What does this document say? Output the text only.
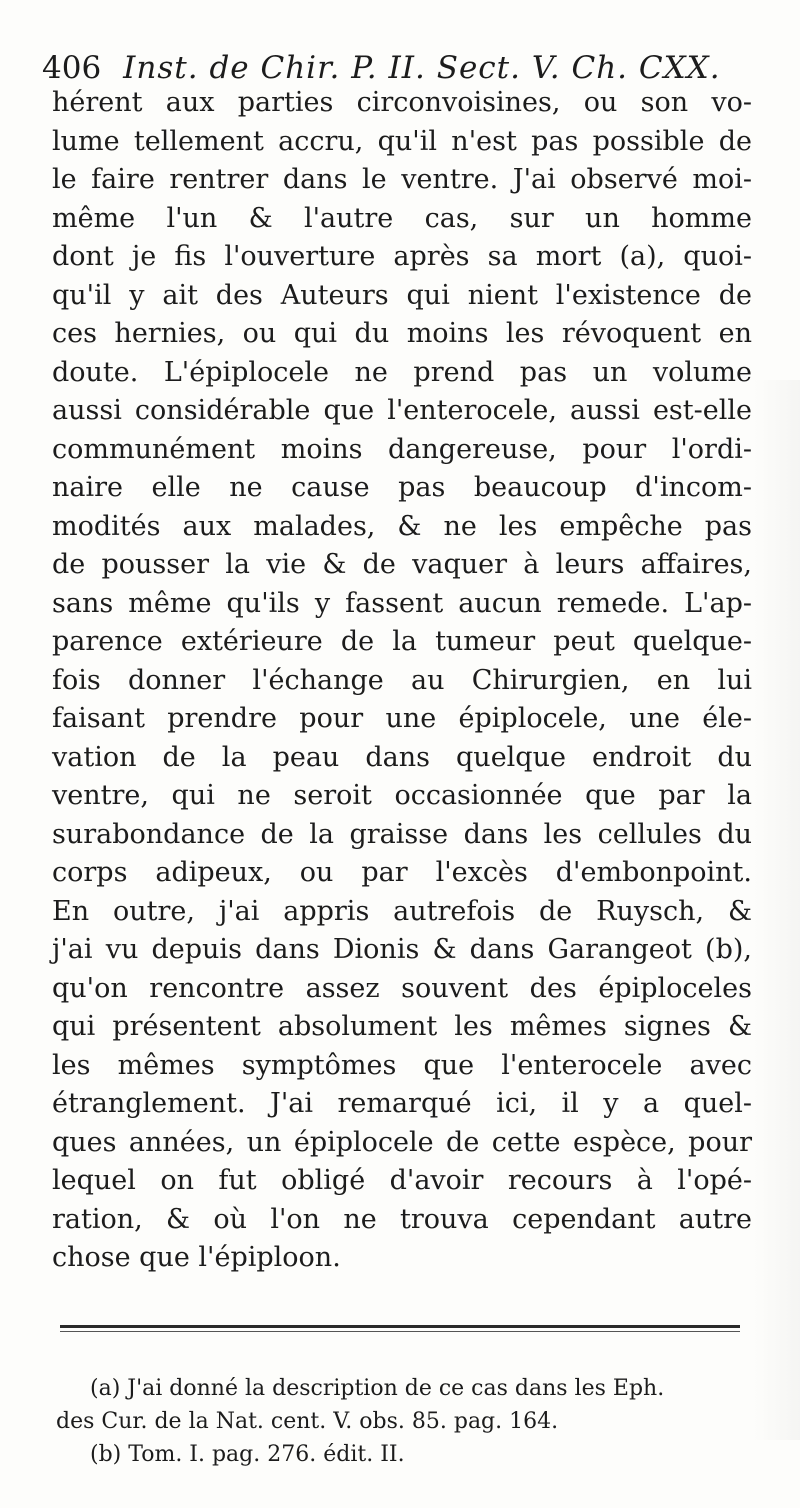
406 Inst. de Chir. P. II. Sect. V. Ch. CXX.
hérent aux parties circonvoisines, ou son vo-
lume tellement accru, qu'il n'est pas possible de
le faire rentrer dans le ventre. J'ai observé moi-
même l'un & l'autre cas, sur un homme
dont je fis l'ouverture après sa mort (a), quoi-
qu'il y ait des Auteurs qui nient l'existence de
ces hernies, ou qui du moins les révoquent en
doute. L'épiplocele ne prend pas un volume
aussi considérable que l'enterocele, aussi est-elle
communément moins dangereuse, pour l'ordi-
naire elle ne cause pas beaucoup d'incom-
modités aux malades, & ne les empêche pas
de pousser la vie & de vaquer à leurs affaires,
sans même qu'ils y fassent aucun remede. L'ap-
parence extérieure de la tumeur peut quelque-
fois donner l'échange au Chirurgien, en lui
faisant prendre pour une épiplocele, une éle-
vation de la peau dans quelque endroit du
ventre, qui ne seroit occasionnée que par la
surabondance de la graisse dans les cellules du
corps adipeux, ou par l'excès d'embonpoint.
En outre, j'ai appris autrefois de Ruysch, &
j'ai vu depuis dans Dionis & dans Garangeot (b),
qu'on rencontre assez souvent des épiploceles
qui présentent absolument les mêmes signes &
les mêmes symptômes que l'enterocele avec
étranglement. J'ai remarqué ici, il y a quel-
ques années, un épiplocele de cette espèce, pour
lequel on fut obligé d'avoir recours à l'opé-
ration, & où l'on ne trouva cependant autre
chose que l'épiploon.
(a) J'ai donné la description de ce cas dans les Eph.
des Cur. de la Nat. cent. V. obs. 85. pag. 164.
(b) Tom. I. pag. 276. édit. II.
